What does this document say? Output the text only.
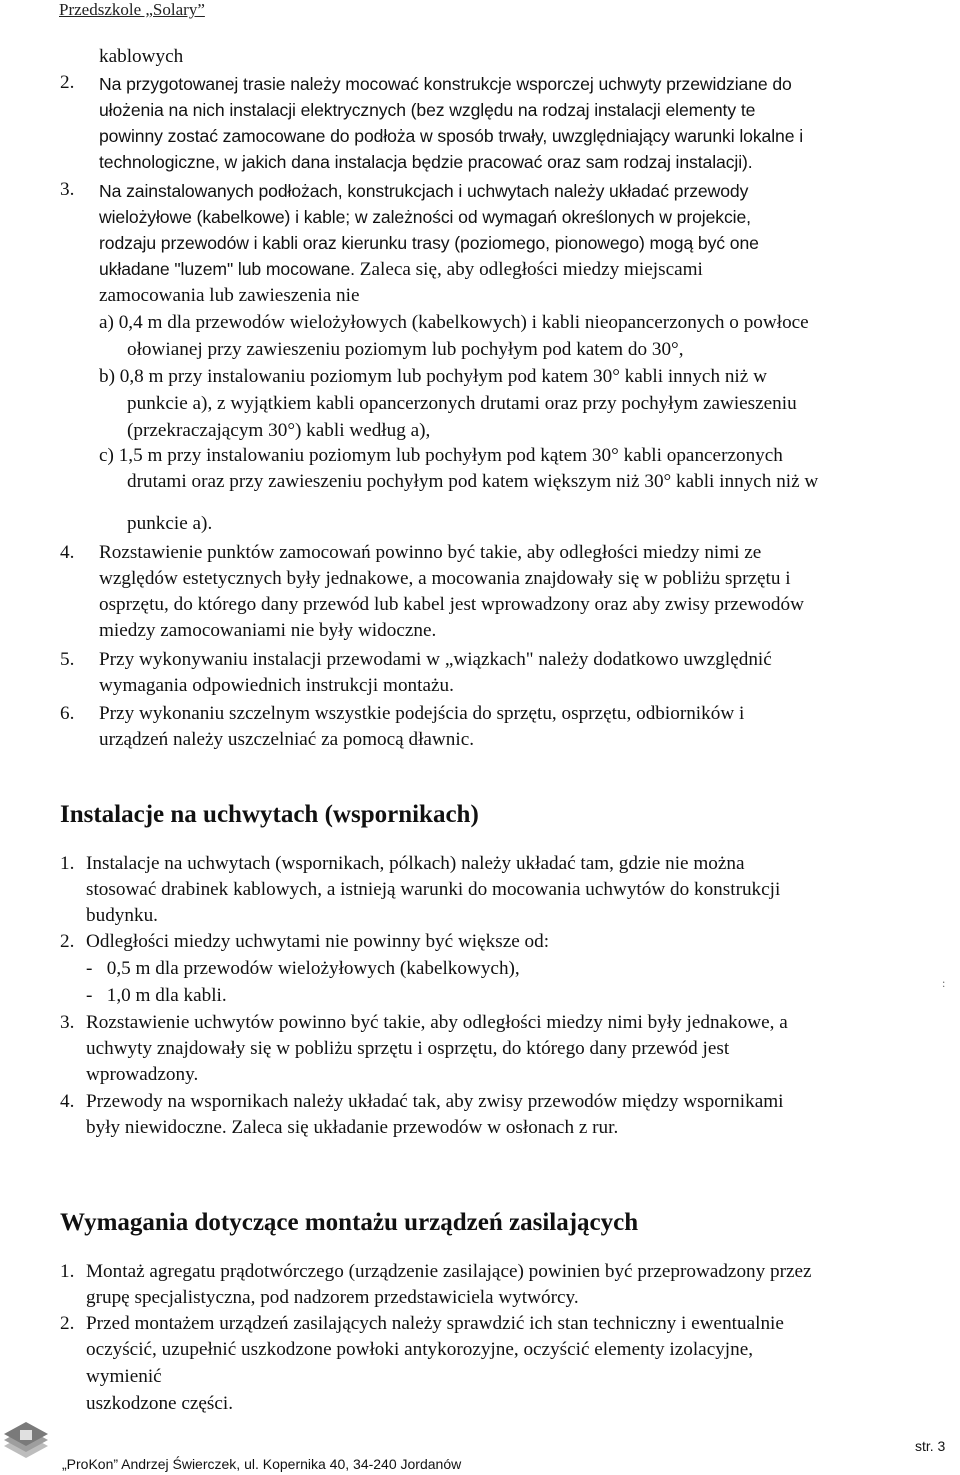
Przedszkole „Solary”
kablowych
2. Na przygotowanej trasie należy mocować konstrukcje wsporczej uchwyty przewidziane do
ułożenia na nich instalacji elektrycznych (bez względu na rodzaj instalacji elementy te
powinny zostać zamocowane do podłoża w sposób trwały, uwzględniający warunki lokalne i
technologiczne, w jakich dana instalacja będzie pracować oraz sam rodzaj instalacji).
3. Na zainstalowanych podłożach, konstrukcjach i uchwytach należy układać przewody
wielożyłowe (kabelkowe) i kable; w zależności od wymagań określonych w projekcie,
rodzaju przewodów i kabli oraz kierunku trasy (poziomego, pionowego) mogą być one
układane "luzem" lub mocowane. Zaleca się, aby odległości miedzy miejscami
zamocowania lub zawieszenia nie
a) 0,4 m dla przewodów wielożyłowych (kabelkowych) i kabli nieopancerzonych o powłoce
ołowianej przy zawieszeniu poziomym lub pochyłym pod katem do 30°,
b) 0,8 m przy instalowaniu poziomym lub pochyłym pod katem 30° kabli innych niż w
punkcie a), z wyjątkiem kabli opancerzonych drutami oraz przy pochyłym zawieszeniu
(przekraczającym 30°) kabli według a),
c) 1,5 m przy instalowaniu poziomym lub pochyłym pod kątem 30° kabli opancerzonych
drutami oraz przy zawieszeniu pochyłym pod katem większym niż 30° kabli innych niż w
punkcie a).
4. Rozstawienie punktów zamocowań powinno być takie, aby odległości miedzy nimi ze
względów estetycznych były jednakowe, a mocowania znajdowały się w pobliżu sprzętu i
osprzętu, do którego dany przewód lub kabel jest wprowadzony oraz aby zwisy przewodów
miedzy zamocowaniami nie były widoczne.
5. Przy wykonywaniu instalacji przewodami w „wiązkach" należy dodatkowo uwzględnić
wymagania odpowiednich instrukcji montażu.
6. Przy wykonaniu szczelnym wszystkie podejścia do sprzętu, osprzętu, odbiorników i
urządzeń należy uszczelniać za pomocą dławnic.
Instalacje na uchwytach (wspornikach)
1. Instalacje na uchwytach (wspornikach, pólkach) należy układać tam, gdzie nie można
stosować drabinek kablowych, a istnieją warunki do mocowania uchwytów do konstrukcji
budynku.
2. Odległości miedzy uchwytami nie powinny być większe od:
-   0,5 m dla przewodów wielożyłowych (kabelkowych),
-   1,0 m dla kabli.
:
3. Rozstawienie uchwytów powinno być takie, aby odległości miedzy nimi były jednakowe, a
uchwyty znajdowały się w pobliżu sprzętu i osprzętu, do którego dany przewód jest
wprowadzony.
4. Przewody na wspornikach należy układać tak, aby zwisy przewodów między wspornikami
były niewidoczne. Zaleca się układanie przewodów w osłonach z rur.
Wymagania dotyczące montażu urządzeń zasilających
1. Montaż agregatu prądotwórczego (urządzenie zasilające) powinien być przeprowadzony przez
grupę specjalistyczna, pod nadzorem przedstawiciela wytwórcy.
2. Przed montażem urządzeń zasilających należy sprawdzić ich stan techniczny i ewentualnie
oczyścić, uzupełnić uszkodzone powłoki antykorozyjne, oczyścić elementy izolacyjne,
wymienić
uszkodzone części.
„ProKon” Andrzej Świerczek, ul. Kopernika 40, 34-240 Jordanów
str. 3
